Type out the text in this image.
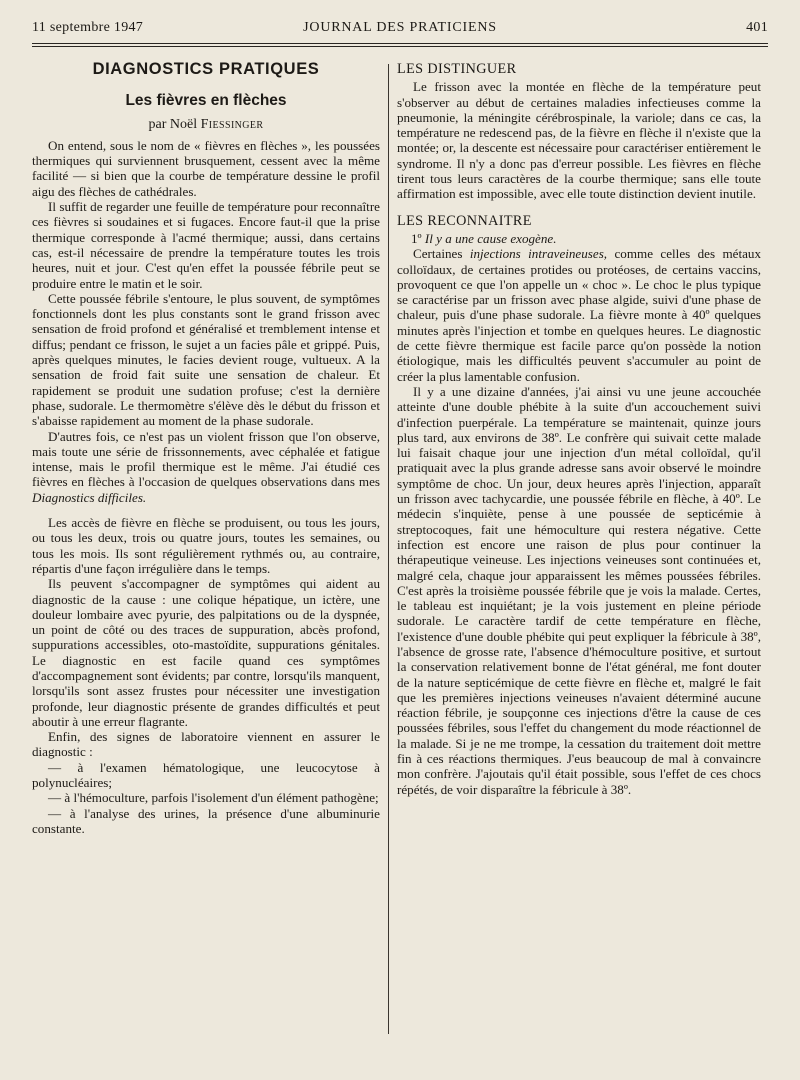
11 septembre 1947	JOURNAL DES PRATICIENS	401
DIAGNOSTICS PRATIQUES
Les fièvres en flèches
par Noël Fiessinger

On entend, sous le nom de « fièvres en flèches », les poussées thermiques qui surviennent brusquement, cessent avec la même facilité — si bien que la courbe de température dessine le profil aigu des flèches de cathédrales.

Il suffit de regarder une feuille de température pour reconnaître ces fièvres si soudaines et si fugaces. Encore faut-il que la prise thermique corresponde à l'acmé thermique; aussi, dans certains cas, est-il nécessaire de prendre la température toutes les trois heures, nuit et jour. C'est qu'en effet la poussée fébrile peut se produire entre le matin et le soir.

Cette poussée fébrile s'entoure, le plus souvent, de symptômes fonctionnels dont les plus constants sont le grand frisson avec sensation de froid profond et généralisé et tremblement intense et diffus; pendant ce frisson, le sujet a un facies pâle et grippé. Puis, après quelques minutes, le facies devient rouge, vultueux. A la sensation de froid fait suite une sensation de chaleur. Et rapidement se produit une sudation profuse; c'est la dernière phase, sudorale. Le thermomètre s'élève dès le début du frisson et s'abaisse rapidement au moment de la phase sudorale.

D'autres fois, ce n'est pas un violent frisson que l'on observe, mais toute une série de frissonnements, avec céphalée et fatigue intense, mais le profil thermique est le même. J'ai étudié ces fièvres en flèches à l'occasion de quelques observations dans mes Diagnostics difficiles.

Les accès de fièvre en flèche se produisent, ou tous les jours, ou tous les deux, trois ou quatre jours, toutes les semaines, ou tous les mois. Ils sont régulièrement rythmés ou, au contraire, répartis d'une façon irrégulière dans le temps.

Ils peuvent s'accompagner de symptômes qui aident au diagnostic de la cause : une colique hépatique, un ictère, une douleur lombaire avec pyurie, des palpitations ou de la dyspnée, un point de côté ou des traces de suppuration, abcès profond, suppurations accessibles, oto-mastoïdite, suppurations génitales. Le diagnostic en est facile quand ces symptômes d'accompagnement sont évidents; par contre, lorsqu'ils manquent, lorsqu'ils sont assez frustes pour nécessiter une investigation profonde, leur diagnostic présente de grandes difficultés et peut aboutir à une erreur flagrante.

Enfin, des signes de laboratoire viennent en assurer le diagnostic :

— à l'examen hématologique, une leucocytose à polynucléaires;

— à l'hémoculture, parfois l'isolement d'un élément pathogène;

— à l'analyse des urines, la présence d'une albuminurie constante.

LES DISTINGUER

Le frisson avec la montée en flèche de la température peut s'observer au début de certaines maladies infectieuses comme la pneumonie, la méningite cérébrospinale, la variole; dans ce cas, la température ne redescend pas, de la fièvre en flèche il n'existe que la montée; or, la descente est nécessaire pour caractériser entièrement le syndrome. Il n'y a donc pas d'erreur possible. Les fièvres en flèche tirent tous leurs caractères de la courbe thermique; sans elle toute affirmation est impossible, avec elle toute distinction devient inutile.

LES RECONNAITRE

1º Il y a une cause exogène.

Certaines injections intraveineuses, comme celles des métaux colloïdaux, de certaines protides ou protéoses, de certains vaccins, provoquent ce que l'on appelle un « choc ». Le choc le plus typique se caractérise par un frisson avec phase algide, suivi d'une phase de chaleur, puis d'une phase sudorale. La fièvre monte à 40º quelques minutes après l'injection et tombe en quelques heures. Le diagnostic de cette fièvre thermique est facile parce qu'on possède la notion étiologique, mais les difficultés peuvent s'accumuler au point de créer la plus lamentable confusion.

Il y a une dizaine d'années, j'ai ainsi vu une jeune accouchée atteinte d'une double phébite à la suite d'un accouchement suivi d'infection puerpérale. La température se maintenait, quinze jours plus tard, aux environs de 38º. Le confrère qui suivait cette malade lui faisait chaque jour une injection d'un métal colloïdal, qu'il pratiquait avec la plus grande adresse sans avoir observé le moindre symptôme de choc. Un jour, deux heures après l'injection, apparaît un frisson avec tachycardie, une poussée fébrile en flèche, à 40º. Le médecin s'inquiète, pense à une poussée de septicémie à streptocoques, fait une hémoculture qui restera négative. Cette infection est encore une raison de plus pour continuer la thérapeutique veineuse. Les injections veineuses sont continuées et, malgré cela, chaque jour apparaissent les mêmes poussées fébriles. C'est après la troisième poussée fébrile que je vois la malade. Certes, le tableau est inquiétant; je la vois justement en pleine période sudorale. Le caractère tardif de cette température en flèche, l'existence d'une double phébite qui peut expliquer la fébricule à 38º, l'absence de grosse rate, l'absence d'hémoculture positive, et surtout la conservation relativement bonne de l'état général, me font douter de la nature septicémique de cette fièvre en flèche et, malgré le fait que les premières injections veineuses n'avaient déterminé aucune réaction fébrile, je soupçonne ces injections d'être la cause de ces poussées fébriles, sous l'effet du changement du mode réactionnel de la malade. Si je ne me trompe, la cessation du traitement doit mettre fin à ces réactions thermiques. J'eus beaucoup de mal à convaincre mon confrère. J'ajoutais qu'il était possible, sous l'effet de ces chocs répétés, de voir disparaître la fébricule à 38º.
